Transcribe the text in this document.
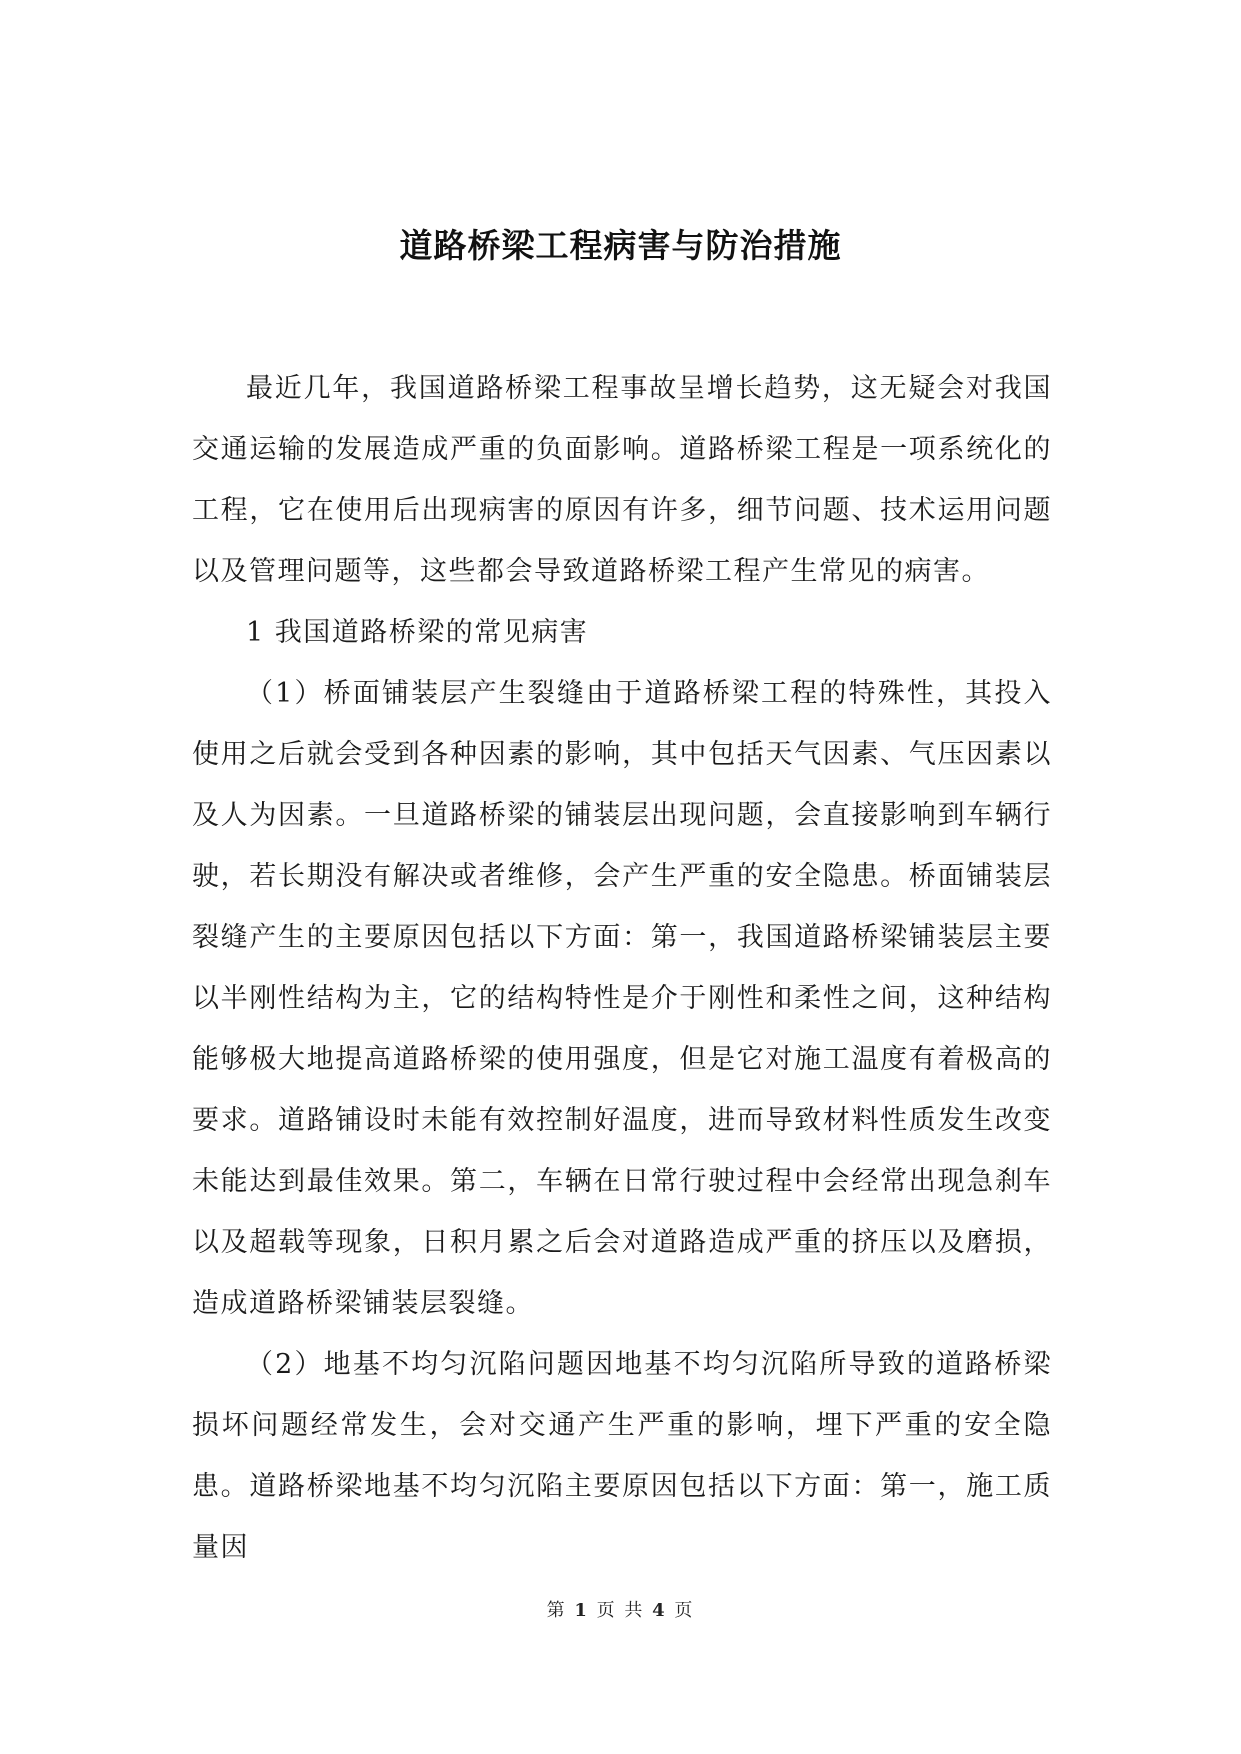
道路桥梁工程病害与防治措施

最近几年，我国道路桥梁工程事故呈增长趋势，这无疑会对我国交通运输的发展造成严重的负面影响。道路桥梁工程是一项系统化的工程，它在使用后出现病害的原因有许多，细节问题、技术运用问题以及管理问题等，这些都会导致道路桥梁工程产生常见的病害。

1 我国道路桥梁的常见病害

（1）桥面铺装层产生裂缝由于道路桥梁工程的特殊性，其投入使用之后就会受到各种因素的影响，其中包括天气因素、气压因素以及人为因素。一旦道路桥梁的铺装层出现问题，会直接影响到车辆行驶，若长期没有解决或者维修，会产生严重的安全隐患。桥面铺装层裂缝产生的主要原因包括以下方面：第一，我国道路桥梁铺装层主要以半刚性结构为主，它的结构特性是介于刚性和柔性之间，这种结构能够极大地提高道路桥梁的使用强度，但是它对施工温度有着极高的要求。道路铺设时未能有效控制好温度，进而导致材料性质发生改变未能达到最佳效果。第二，车辆在日常行驶过程中会经常出现急刹车以及超载等现象，日积月累之后会对道路造成严重的挤压以及磨损，造成道路桥梁铺装层裂缝。

（2）地基不均匀沉陷问题因地基不均匀沉陷所导致的道路桥梁损坏问题经常发生，会对交通产生严重的影响，埋下严重的安全隐患。道路桥梁地基不均匀沉陷主要原因包括以下方面：第一，施工质量因

第 1 页 共 4 页
